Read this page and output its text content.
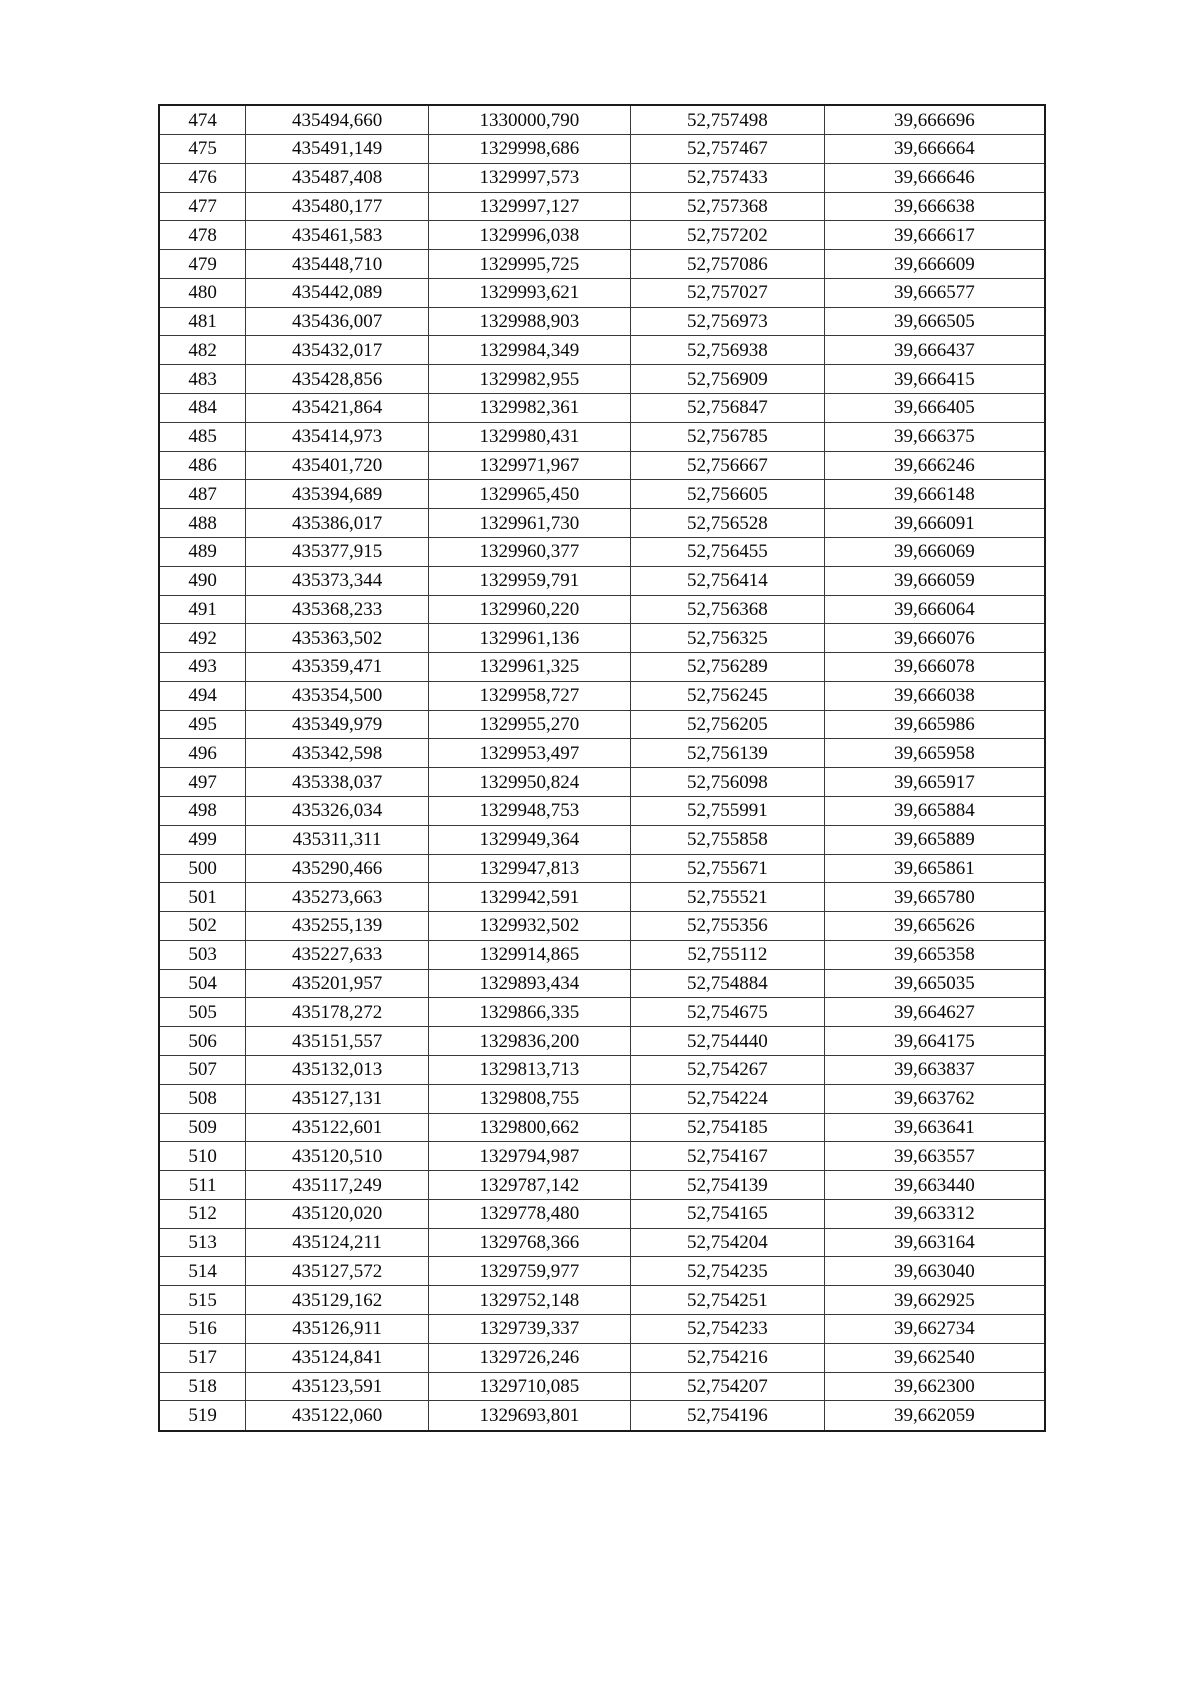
474	435494,660	1330000,790	52,757498	39,666696
475	435491,149	1329998,686	52,757467	39,666664
476	435487,408	1329997,573	52,757433	39,666646
477	435480,177	1329997,127	52,757368	39,666638
478	435461,583	1329996,038	52,757202	39,666617
479	435448,710	1329995,725	52,757086	39,666609
480	435442,089	1329993,621	52,757027	39,666577
481	435436,007	1329988,903	52,756973	39,666505
482	435432,017	1329984,349	52,756938	39,666437
483	435428,856	1329982,955	52,756909	39,666415
484	435421,864	1329982,361	52,756847	39,666405
485	435414,973	1329980,431	52,756785	39,666375
486	435401,720	1329971,967	52,756667	39,666246
487	435394,689	1329965,450	52,756605	39,666148
488	435386,017	1329961,730	52,756528	39,666091
489	435377,915	1329960,377	52,756455	39,666069
490	435373,344	1329959,791	52,756414	39,666059
491	435368,233	1329960,220	52,756368	39,666064
492	435363,502	1329961,136	52,756325	39,666076
493	435359,471	1329961,325	52,756289	39,666078
494	435354,500	1329958,727	52,756245	39,666038
495	435349,979	1329955,270	52,756205	39,665986
496	435342,598	1329953,497	52,756139	39,665958
497	435338,037	1329950,824	52,756098	39,665917
498	435326,034	1329948,753	52,755991	39,665884
499	435311,311	1329949,364	52,755858	39,665889
500	435290,466	1329947,813	52,755671	39,665861
501	435273,663	1329942,591	52,755521	39,665780
502	435255,139	1329932,502	52,755356	39,665626
503	435227,633	1329914,865	52,755112	39,665358
504	435201,957	1329893,434	52,754884	39,665035
505	435178,272	1329866,335	52,754675	39,664627
506	435151,557	1329836,200	52,754440	39,664175
507	435132,013	1329813,713	52,754267	39,663837
508	435127,131	1329808,755	52,754224	39,663762
509	435122,601	1329800,662	52,754185	39,663641
510	435120,510	1329794,987	52,754167	39,663557
511	435117,249	1329787,142	52,754139	39,663440
512	435120,020	1329778,480	52,754165	39,663312
513	435124,211	1329768,366	52,754204	39,663164
514	435127,572	1329759,977	52,754235	39,663040
515	435129,162	1329752,148	52,754251	39,662925
516	435126,911	1329739,337	52,754233	39,662734
517	435124,841	1329726,246	52,754216	39,662540
518	435123,591	1329710,085	52,754207	39,662300
519	435122,060	1329693,801	52,754196	39,662059
